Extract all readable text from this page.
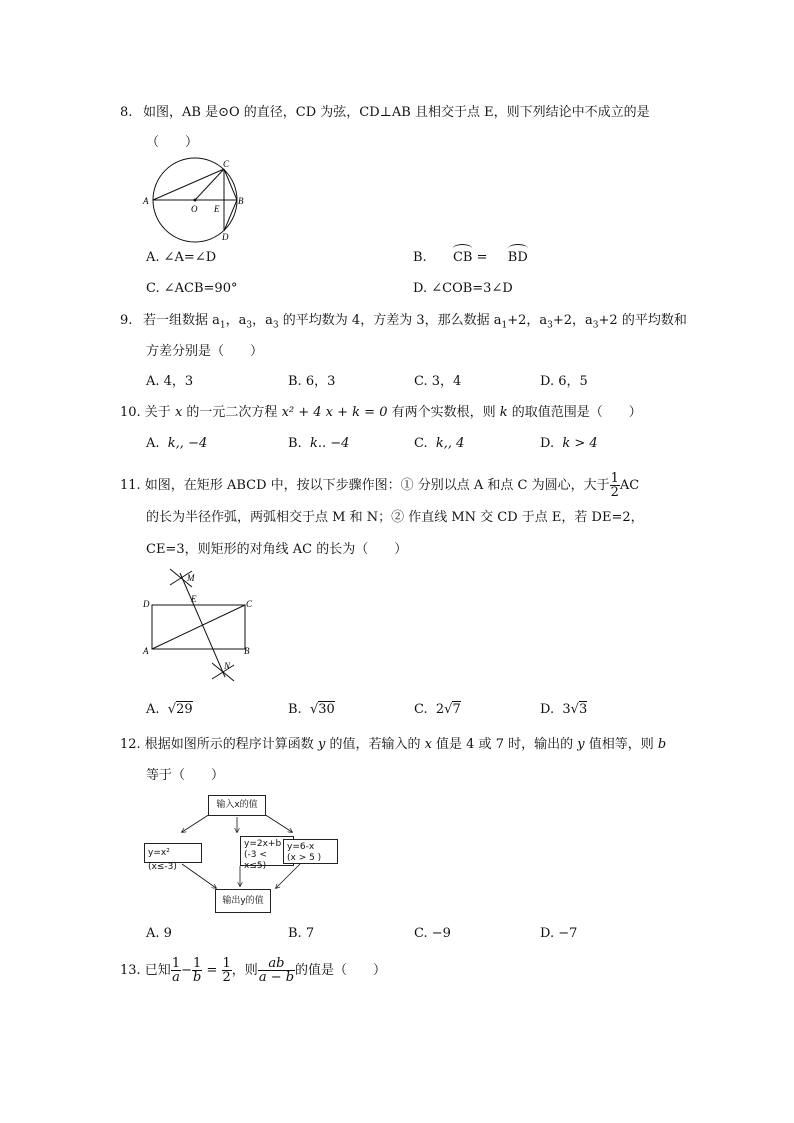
8.  如图，AB 是⊙O 的直径，CD 为弦，CD⊥AB 且相交于点 E，则下列结论中不成立的是
（　　）
A	B
C
D
O E
A. ∠A=∠D	B. CB = BD
C. ∠ACB=90°	D. ∠COB=3∠D
9.  若一组数据 $a_1$，$a_3$，$a_3$ 的平均数为 4，方差为 3，那么数据 $a_1+2$，$a_3+2$，$a_3+2$ 的平均数和
方差分别是（　　）
A. 4，3	B. 6，3	C. 3，4	D. 6，5
10. 关于 x 的一元二次方程 x² + 4 x + k = 0 有两个实数根，则 k 的取值范围是（　　）
A. k,, −4	B. k.. −4	C. k,, 4	D. k > 4
11. 如图，在矩形 ABCD 中，按以下步骤作图：① 分别以点 A 和点 C 为圆心，大于 $\frac{1}{2}$ AC
的长为半径作弧，两弧相交于点 M 和 N；② 作直线 MN 交 CD 于点 E，若 DE=2，
CE=3，则矩形的对角线 AC 的长为（　　）
M
N
D	E	C
A	B
A.  √29	B.  √30	C. 2√7	D. 3√3
12. 根据如图所示的程序计算函数 y 的值，若输入的 x 值是 4 或 7 时，输出的 y 值相等，则 b
等于（　　）
输入x的值
y=x² (x≤-3)
y=2x+b
(-3 < x≤5)
y=6-x
(x > 5 )
输出y的值
A. 9	B. 7	C. −9	D. −7
13. 已知 $\frac{1}{a} - \frac{1}{b} = \frac{1}{2}$ ，则 $\frac{ab}{a - b}$ 的值是（　　）
